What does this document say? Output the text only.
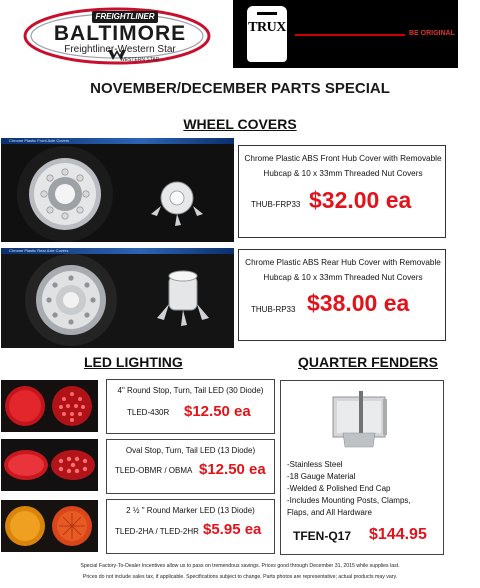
FREIGHTLINER
BALTIMORE
Freightliner-Western Star
WESTERN STAR
TRUX	BE ORIGINAL
NOVEMBER/DECEMBER PARTS SPECIAL
WHEEL COVERS
Chrome Plastic Front Axle Covers
Chrome Plastic ABS Front Hub Cover with Removable
Hubcap & 10 x 33mm Threaded Nut Covers
THUB-FRP33 $32.00 ea
Chrome Plastic Rear Axle Covers
Chrome Plastic ABS Rear Hub Cover with Removable
Hubcap & 10 x 33mm Threaded Nut Covers
THUB-RP33 $38.00 ea
LED LIGHTING
4" Round Stop, Turn, Tail LED (30 Diode)
TLED-430R $12.50 ea
Oval Stop, Turn, Tail LED (13 Diode)
TLED-OBMR / OBMA $12.50 ea
2 ½ " Round Marker LED (13 Diode)
TLED-2HA / TLED-2HR $5.95 ea
QUARTER FENDERS
-Stainless Steel
-18 Gauge Material
-Welded & Polished End Cap
-Includes Mounting Posts, Clamps,
Flaps, and All Hardware
TFEN-Q17 $144.95
Special Factory-To-Dealer Incentives allow us to pass on tremendous savings. Prices good through December 31, 2015 while supplies last.
Prices do not include sales tax, if applicable. Specifications subject to change. Parts photos are representative; actual products may vary.
